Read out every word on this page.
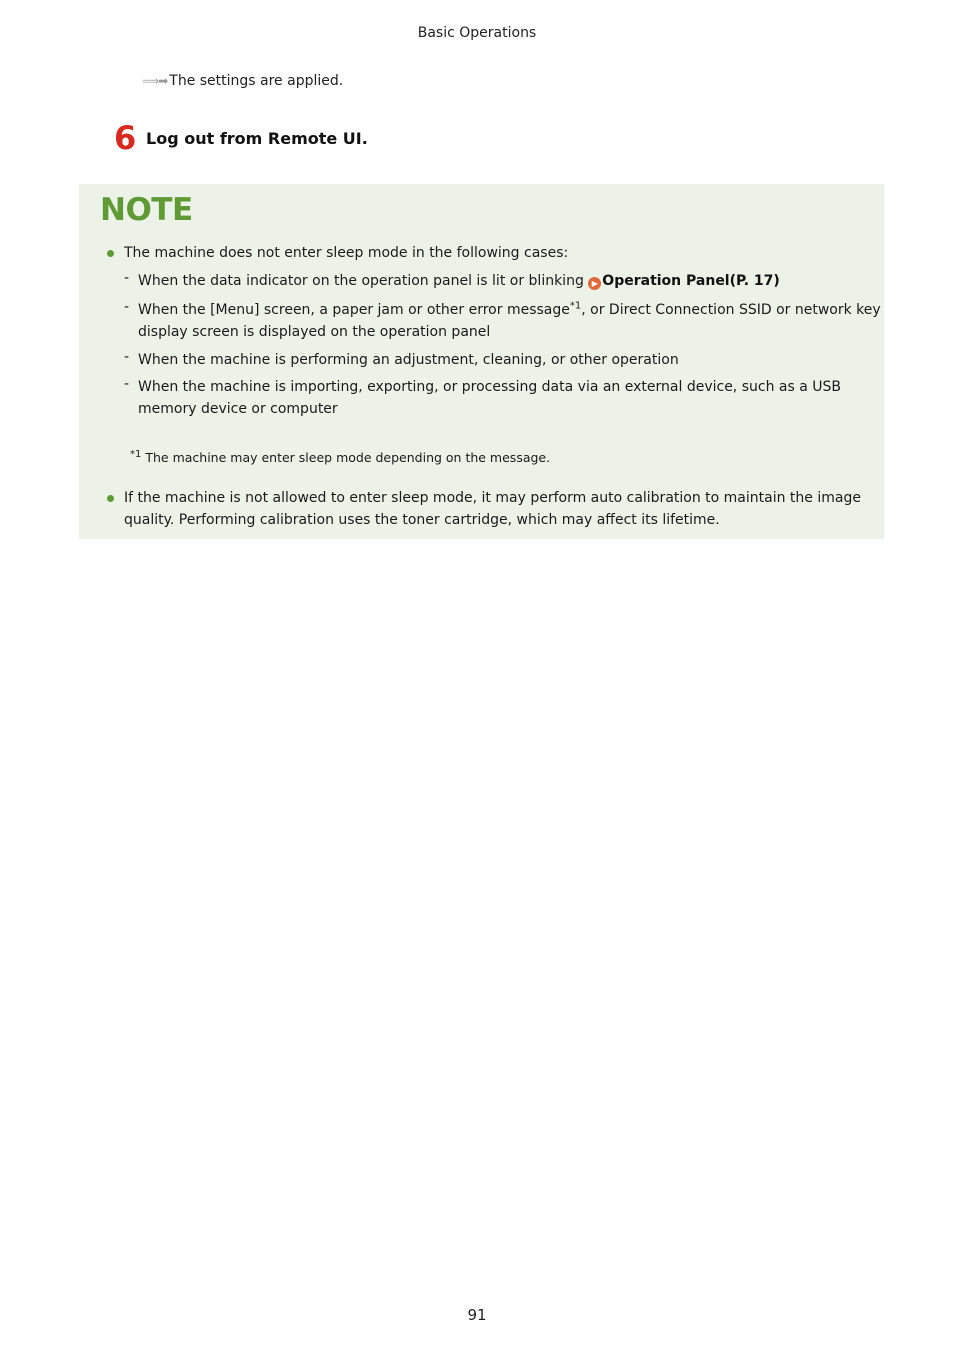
Basic Operations
⟹➡ The settings are applied.
6 Log out from Remote UI.
NOTE
The machine does not enter sleep mode in the following cases:
- When the data indicator on the operation panel is lit or blinking ▶ Operation Panel(P. 17)
- When the [Menu] screen, a paper jam or other error message$^{*1}$, or Direct Connection SSID or network key
display screen is displayed on the operation panel
- When the machine is performing an adjustment, cleaning, or other operation
- When the machine is importing, exporting, or processing data via an external device, such as a USB
memory device or computer
$^{*1}$ The machine may enter sleep mode depending on the message.
If the machine is not allowed to enter sleep mode, it may perform auto calibration to maintain the image
quality. Performing calibration uses the toner cartridge, which may affect its lifetime.
91
